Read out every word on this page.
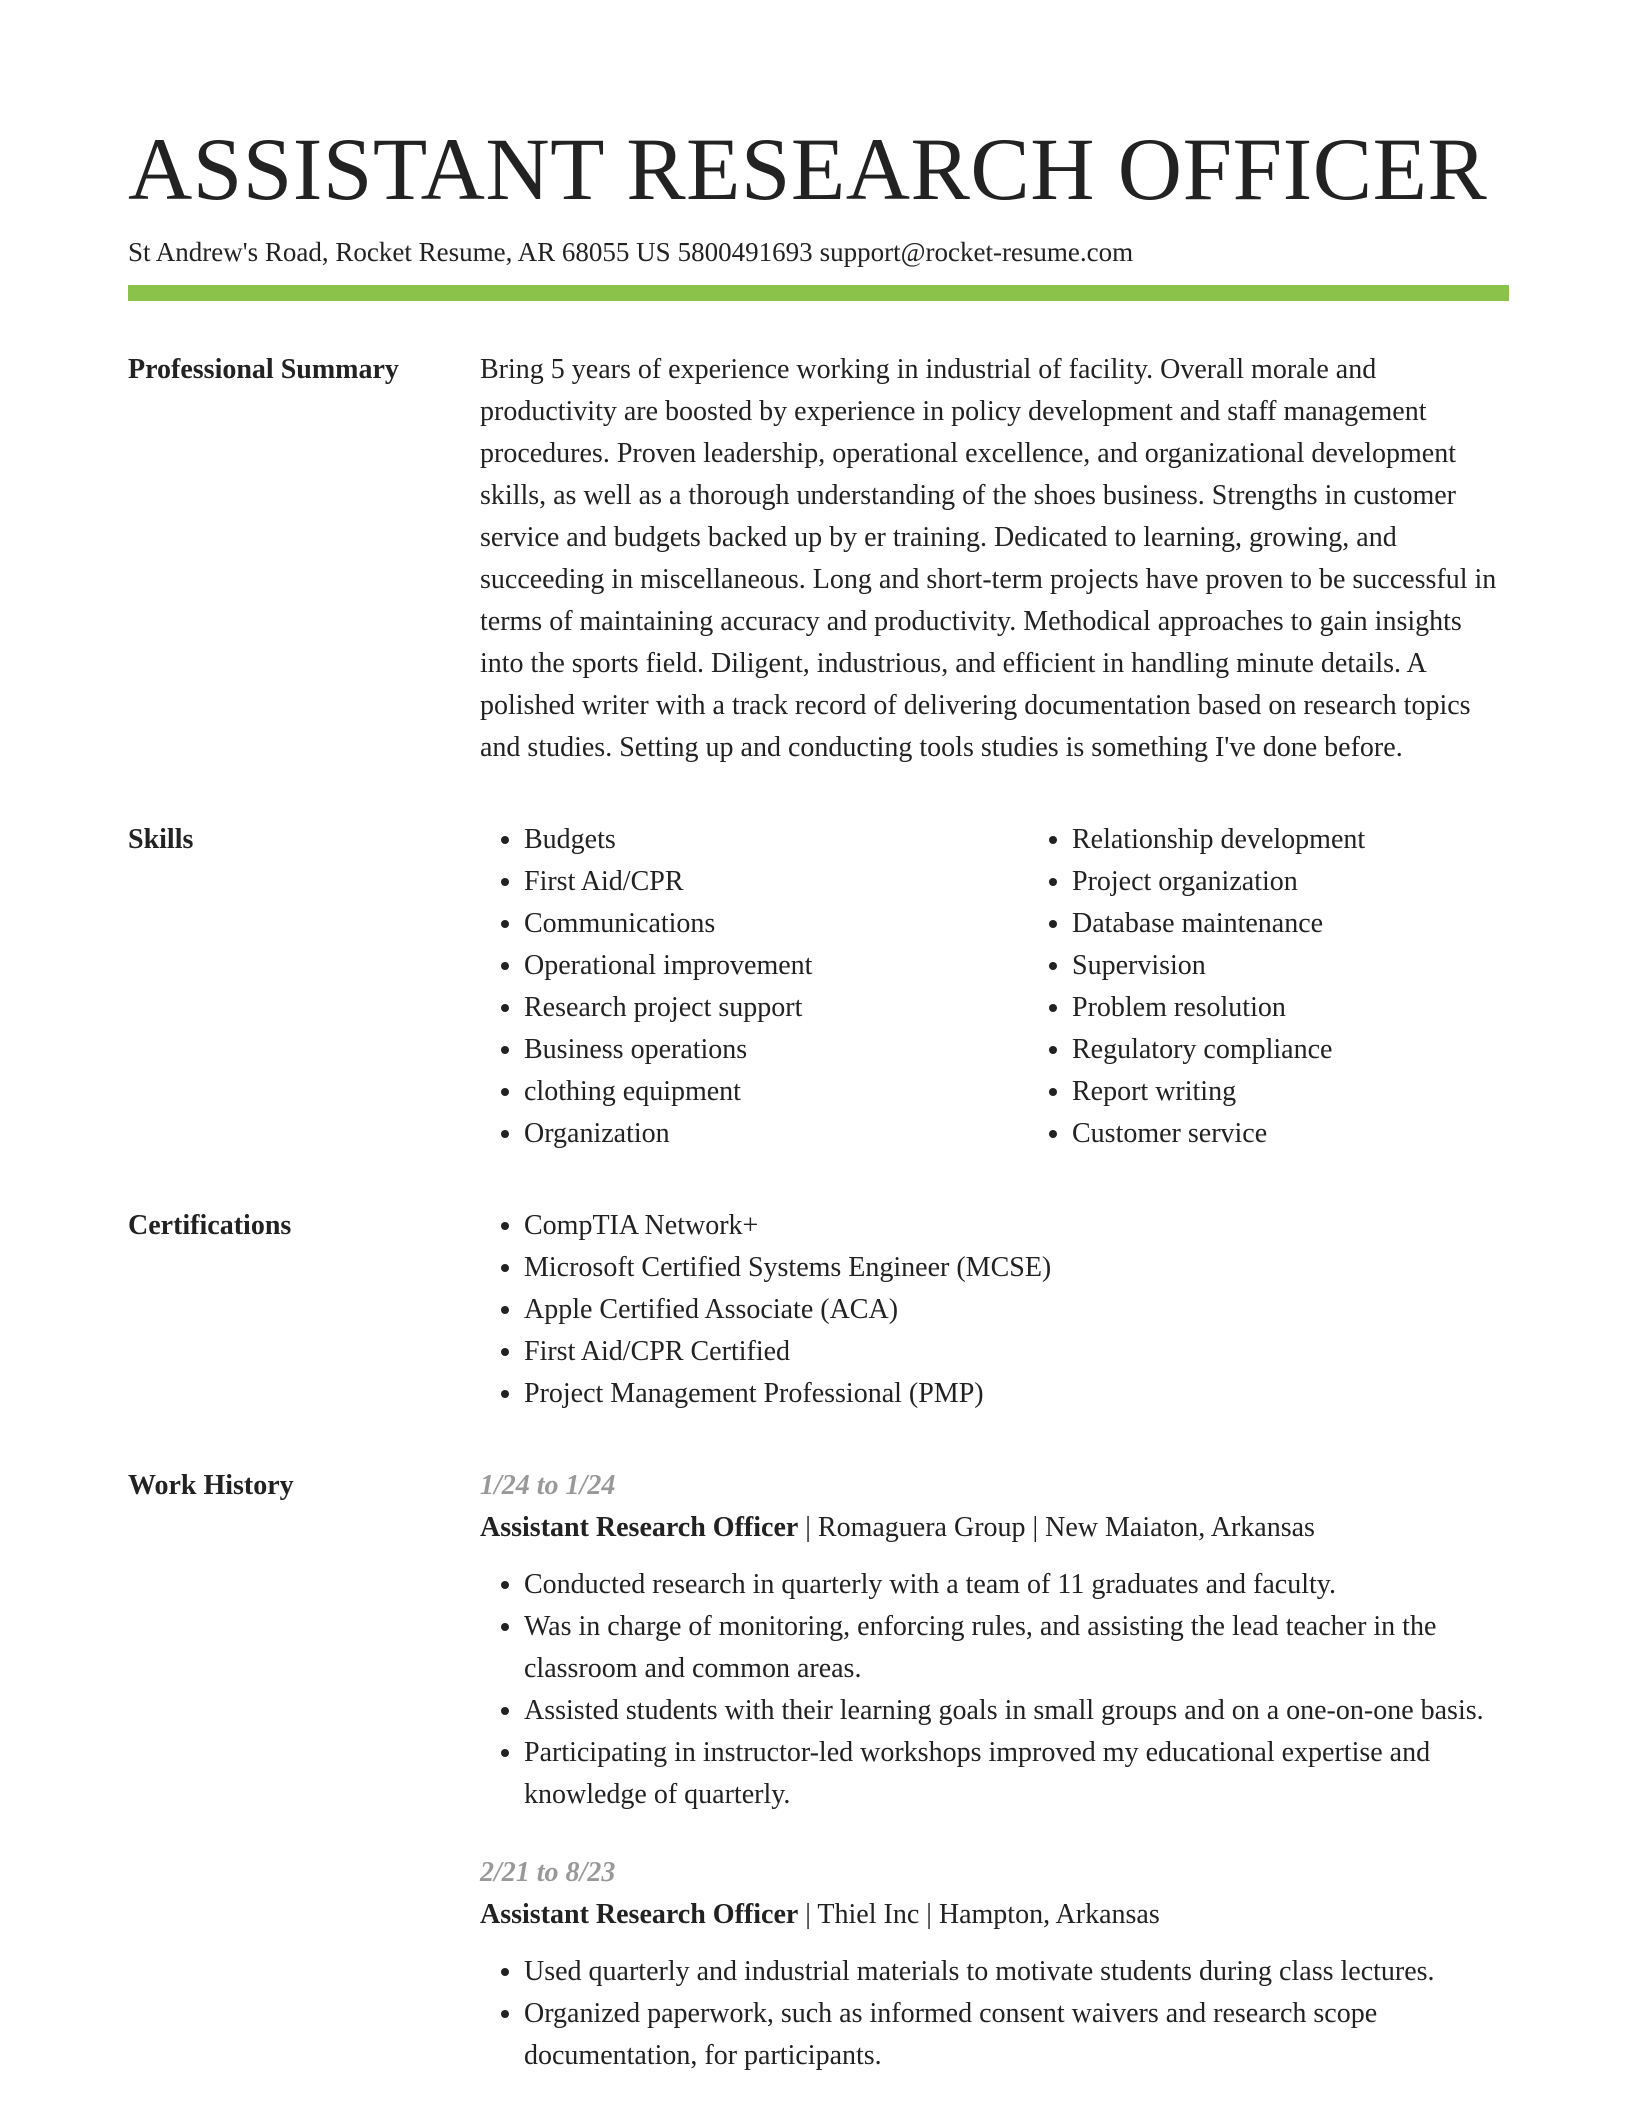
ASSISTANT RESEARCH OFFICER
St Andrew's Road, Rocket Resume, AR 68055 US 5800491693 support@rocket-resume.com
Professional Summary	Bring 5 years of experience working in industrial of facility. Overall morale and productivity are boosted by experience in policy development and staff management procedures. Proven leadership, operational excellence, and organizational development skills, as well as a thorough understanding of the shoes business. Strengths in customer service and budgets backed up by er training. Dedicated to learning, growing, and succeeding in miscellaneous. Long and short-term projects have proven to be successful in terms of maintaining accuracy and productivity. Methodical approaches to gain insights into the sports field. Diligent, industrious, and efficient in handling minute details. A polished writer with a track record of delivering documentation based on research topics and studies. Setting up and conducting tools studies is something I've done before.

Skills	• Budgets
• First Aid/CPR
• Communications
• Operational improvement
• Research project support
• Business operations
• clothing equipment
• Organization
• Relationship development
• Project organization
• Database maintenance
• Supervision
• Problem resolution
• Regulatory compliance
• Report writing
• Customer service
Certifications	• CompTIA Network+
• Microsoft Certified Systems Engineer (MCSE)
• Apple Certified Associate (ACA)
• First Aid/CPR Certified
• Project Management Professional (PMP)
Work History	1/24 to 1/24
Assistant Research Officer | Romaguera Group | New Maiaton, Arkansas
• Conducted research in quarterly with a team of 11 graduates and faculty.
• Was in charge of monitoring, enforcing rules, and assisting the lead teacher in the classroom and common areas.
• Assisted students with their learning goals in small groups and on a one-on-one basis.
• Participating in instructor-led workshops improved my educational expertise and knowledge of quarterly.
2/21 to 8/23
Assistant Research Officer | Thiel Inc | Hampton, Arkansas
• Used quarterly and industrial materials to motivate students during class lectures.
• Organized paperwork, such as informed consent waivers and research scope documentation, for participants.
